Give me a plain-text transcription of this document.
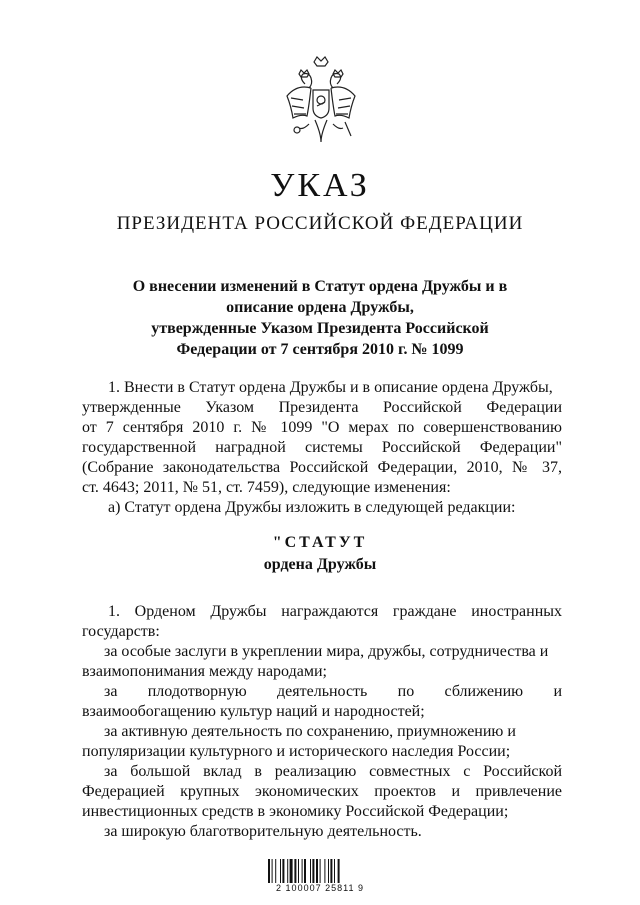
УКАЗ
ПРЕЗИДЕНТА РОССИЙСКОЙ ФЕДЕРАЦИИ
О внесении изменений в Статут ордена Дружбы и в
описание ордена Дружбы,
утвержденные Указом Президента Российской
Федерации от 7 сентября 2010 г. № 1099
1. Внести в Статут ордена Дружбы и в описание ордена Дружбы,
утвержденные Указом Президента Российской Федерации
от 7 сентября 2010 г. № 1099 "О мерах по совершенствованию
государственной наградной системы Российской Федерации"
(Собрание законодательства Российской Федерации, 2010, № 37,
ст. 4643; 2011, № 51, ст. 7459), следующие изменения:
а) Статут ордена Дружбы изложить в следующей редакции:
"СТАТУТ
ордена Дружбы
1. Орденом Дружбы награждаются граждане иностранных
государств:
за особые заслуги в укреплении мира, дружбы, сотрудничества и
взаимопонимания между народами;
за плодотворную деятельность по сближению и
взаимообогащению культур наций и народностей;
за активную деятельность по сохранению, приумножению и
популяризации культурного и исторического наследия России;
за большой вклад в реализацию совместных с Российской
Федерацией крупных экономических проектов и привлечение
инвестиционных средств в экономику Российской Федерации;
за широкую благотворительную деятельность.
2 100007 25811 9
